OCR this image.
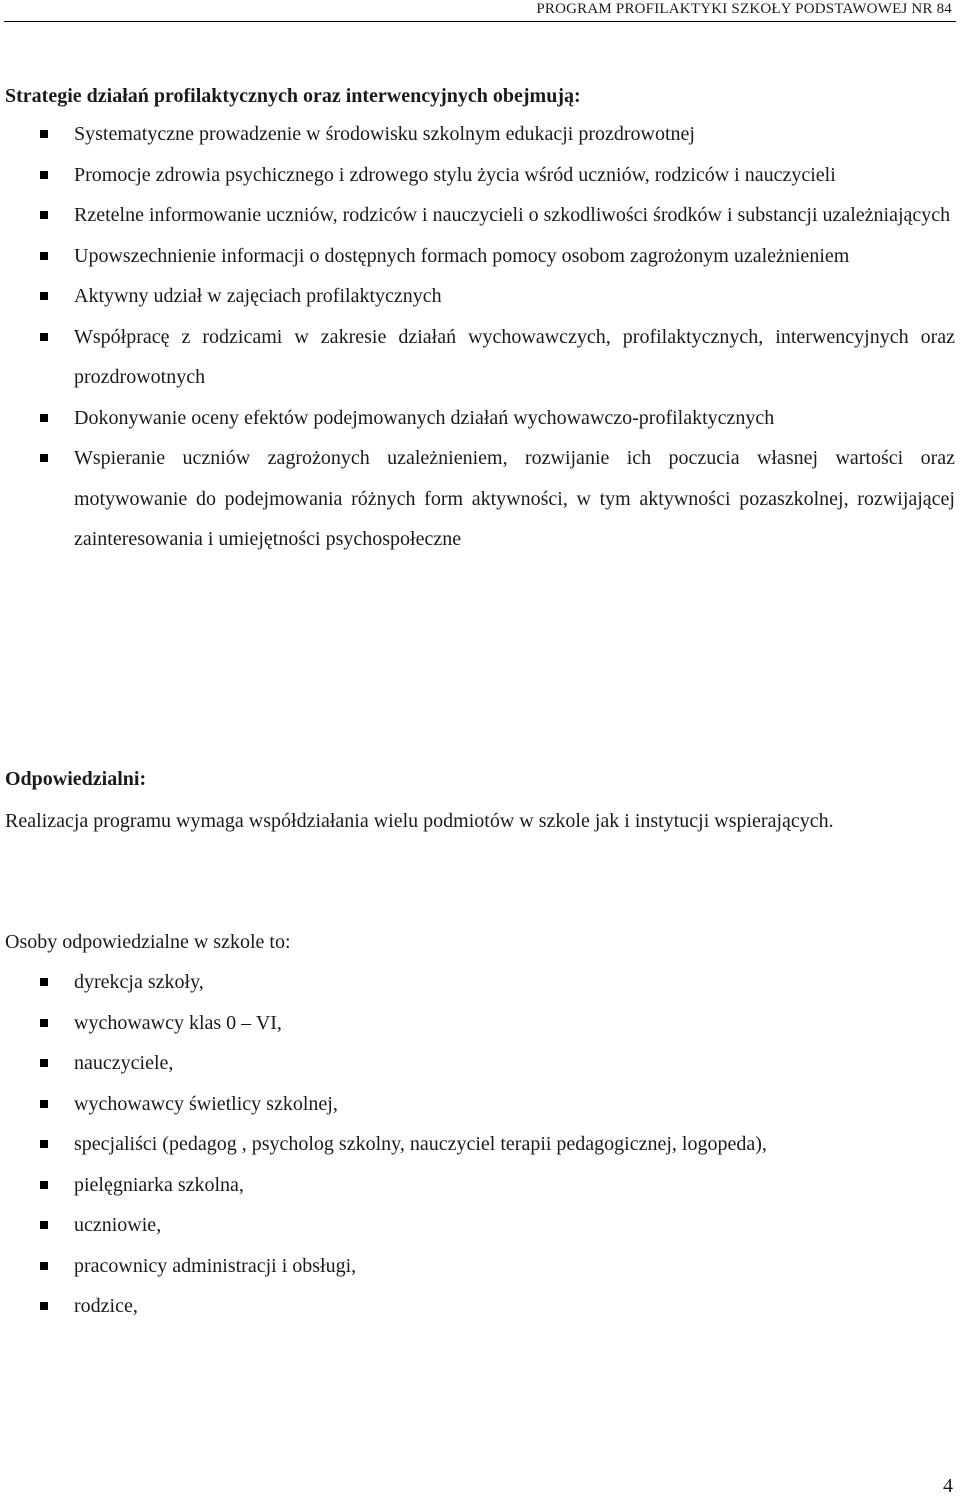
PROGRAM PROFILAKTYKI SZKOŁY PODSTAWOWEJ NR 84
Strategie działań profilaktycznych oraz interwencyjnych obejmują:
Systematyczne prowadzenie w środowisku szkolnym edukacji prozdrowotnej
Promocje zdrowia psychicznego i zdrowego stylu życia wśród uczniów, rodziców i nauczycieli
Rzetelne informowanie uczniów, rodziców i nauczycieli o szkodliwości środków i substancji uzależniających
Upowszechnienie informacji o dostępnych formach pomocy osobom zagrożonym uzależnieniem
Aktywny udział w zajęciach profilaktycznych
Współpracę z rodzicami w zakresie działań wychowawczych, profilaktycznych, interwencyjnych oraz prozdrowotnych
Dokonywanie oceny efektów podejmowanych działań wychowawczo-profilaktycznych
Wspieranie uczniów zagrożonych uzależnieniem, rozwijanie ich poczucia własnej wartości oraz motywowanie do podejmowania różnych form aktywności, w tym aktywności pozaszkolnej, rozwijającej zainteresowania i umiejętności psychospołeczne
Odpowiedzialni:
Realizacja programu wymaga współdziałania wielu podmiotów w szkole jak i instytucji wspierających.
Osoby odpowiedzialne w szkole to:
dyrekcja szkoły,
wychowawcy klas 0 – VI,
nauczyciele,
wychowawcy świetlicy szkolnej,
specjaliści (pedagog , psycholog szkolny, nauczyciel terapii pedagogicznej, logopeda),
pielęgniarka szkolna,
uczniowie,
pracownicy administracji i obsługi,
rodzice,
4
